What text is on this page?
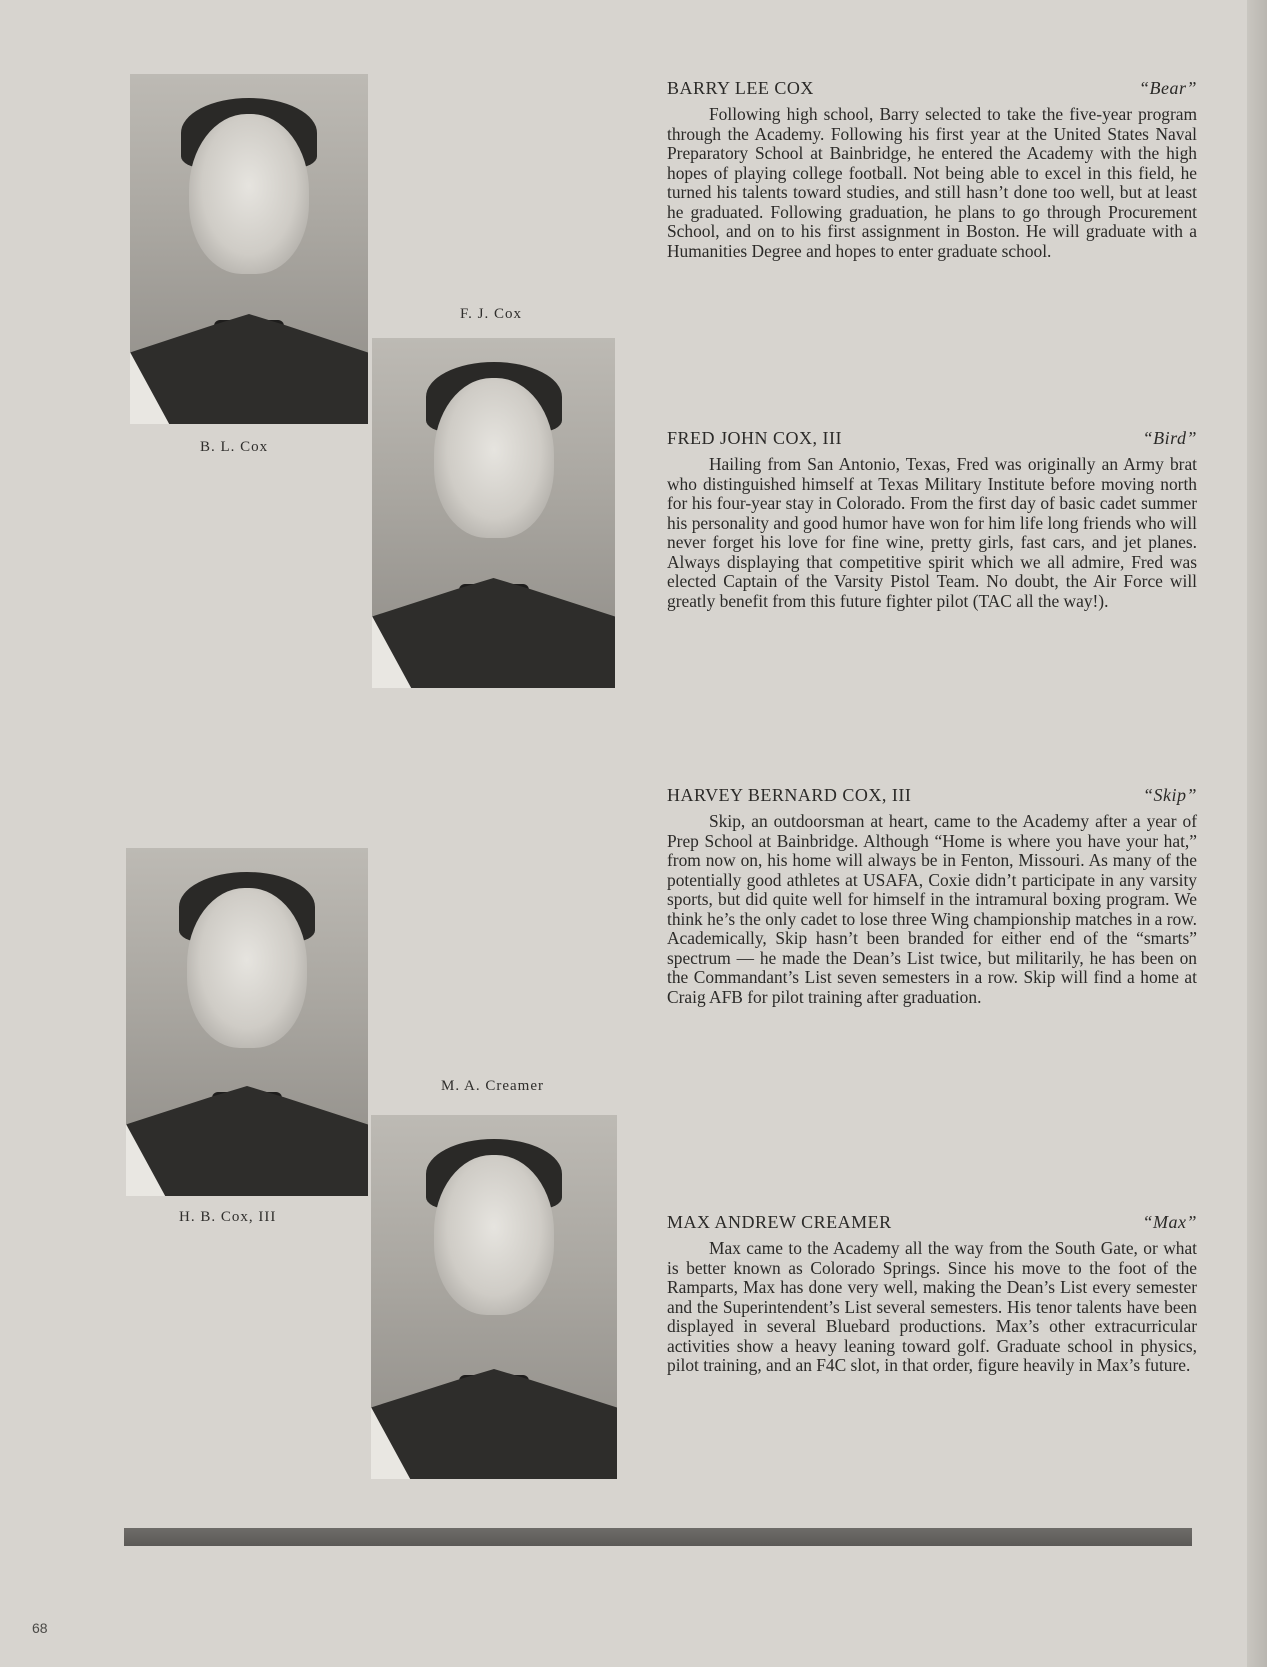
B. L. Cox
F. J. Cox
H. B. Cox, III
M. A. Creamer
BARRY LEE COX	“Bear”

Following high school, Barry selected to take the five-year program through the Academy. Following his first year at the United States Naval Preparatory School at Bainbridge, he entered the Academy with the high hopes of playing college football. Not being able to excel in this field, he turned his talents toward studies, and still hasn’t done too well, but at least he graduated. Following graduation, he plans to go through Procurement School, and on to his first assignment in Boston. He will graduate with a Humanities Degree and hopes to enter graduate school.

FRED JOHN COX, III	“Bird”

Hailing from San Antonio, Texas, Fred was originally an Army brat who distinguished himself at Texas Military Institute before moving north for his four-year stay in Colorado. From the first day of basic cadet summer his personality and good humor have won for him life long friends who will never forget his love for fine wine, pretty girls, fast cars, and jet planes. Always displaying that competitive spirit which we all admire, Fred was elected Captain of the Varsity Pistol Team. No doubt, the Air Force will greatly benefit from this future fighter pilot (TAC all the way!).

HARVEY BERNARD COX, III	“Skip”

Skip, an outdoorsman at heart, came to the Academy after a year of Prep School at Bainbridge. Although “Home is where you have your hat,” from now on, his home will always be in Fenton, Missouri. As many of the potentially good athletes at USAFA, Coxie didn’t participate in any varsity sports, but did quite well for himself in the intramural boxing program. We think he’s the only cadet to lose three Wing championship matches in a row. Academically, Skip hasn’t been branded for either end of the “smarts” spectrum — he made the Dean’s List twice, but militarily, he has been on the Commandant’s List seven semesters in a row. Skip will find a home at Craig AFB for pilot training after graduation.

MAX ANDREW CREAMER	“Max”

Max came to the Academy all the way from the South Gate, or what is better known as Colorado Springs. Since his move to the foot of the Ramparts, Max has done very well, making the Dean’s List every semester and the Superintendent’s List several semesters. His tenor talents have been displayed in several Bluebard productions. Max’s other extracurricular activities show a heavy leaning toward golf. Graduate school in physics, pilot training, and an F4C slot, in that order, figure heavily in Max’s future.

68
